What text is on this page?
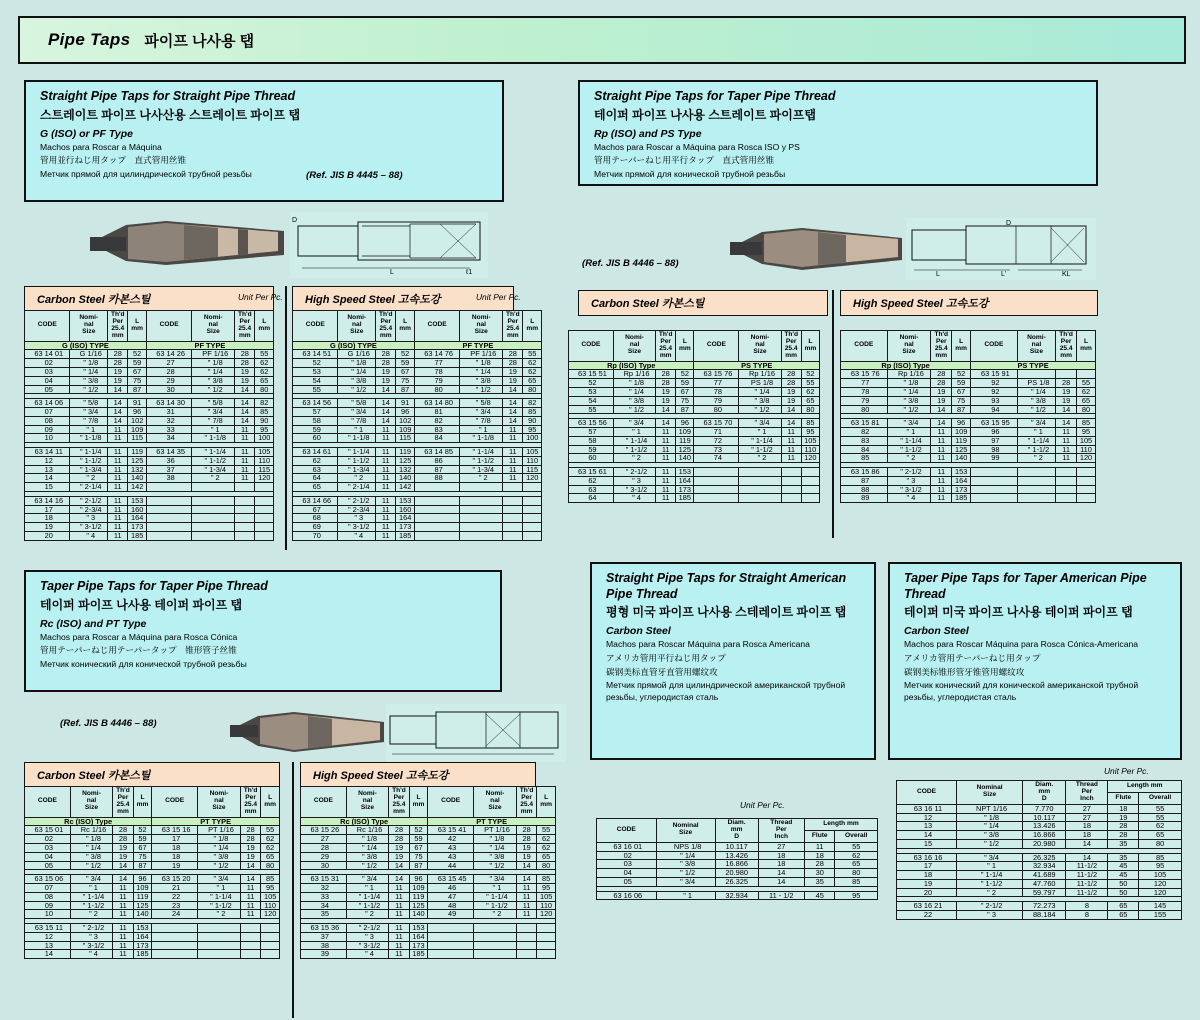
Pipe Taps 파이프 나사용 탭
Straight Pipe Taps for Straight Pipe Thread
스트레이트 파이프 나사산용 스트레이트 파이프 탭
G (ISO) or PF Type
Machos para Roscar a Máquina
管用並行ねじ用タップ　直式管用丝锥
Метчик прямой для цилиндрической трубной резьбы	(Ref. JIS B 4445 – 88)
Straight Pipe Taps for Taper Pipe Thread
테이퍼 파이프 나사용 스트레이트 파이프탭
Rp (ISO) and PS Type
Machos para Roscar a Máquina para Rosca ISO y PS
管用テーパーねじ用平行タップ　直式管用丝锥
Метчик прямой для конической трубной резьбы
(Ref. JIS B 4446 – 88)
D
L	ℓ1
D
L	L'	KL
Carbon Steel 카본스틸	Unit Per Pc.	High Speed Steel 고속도강	Unit Per Pc.
Carbon Steel 카본스틸	High Speed Steel 고속도강
CODE	Nomi-
nal
Size	Th'd
Per
25.4
mm	L
mm	CODE	Nomi-
nal
Size	Th'd
Per
25.4
mm	L
mm
G (ISO) TYPE				PF TYPE			
63 14 01	G 1/16	28	52	63 14 26	PF 1/16	28	55
02	" 1/8	28	59	27	" 1/8	28	62
03	" 1/4	19	67	28	" 1/4	19	62
04	" 3/8	19	75	29	" 3/8	19	65
05	" 1/2	14	87	30	" 1/2	14	80

63 14 06	" 5/8	14	91	63 14 30	" 5/8	14	82
07	" 3/4	14	96	31	" 3/4	14	85
08	" 7/8	14	102	32	" 7/8	14	90
09	" 1	11	109	33	" 1	11	95
10	" 1-1/8	11	115	34	" 1-1/8	11	100

63 14 11	" 1-1/4	11	119	63 14 35	" 1-1/4	11	105
12	" 1-1/2	11	125	36	" 1-1/2	11	110
13	" 1-3/4	11	132	37	" 1-3/4	11	115
14	" 2	11	140	38	" 2	11	120
15	" 2-1/4	11	142				

63 14 16	" 2-1/2	11	153				
17	" 2-3/4	11	160				
18	" 3	11	164				
19	" 3-1/2	11	173				
20	" 4	11	185				
CODE	Nomi-
nal
Size	Th'd
Per
25.4
mm	L
mm	CODE	Nomi-
nal
Size	Th'd
Per
25.4
mm	L
mm
G (ISO) TYPE				PF TYPE			
63 14 51	G 1/16	28	52	63 14 76	PF 1/16	28	55
52	" 1/8	28	59	77	" 1/8	28	62
53	" 1/4	19	67	78	" 1/4	19	62
54	" 3/8	19	75	79	" 3/8	19	65
55	" 1/2	14	87	80	" 1/2	14	80

63 14 56	" 5/8	14	91	63 14 80	" 5/8	14	82
57	" 3/4	14	96	81	" 3/4	14	85
58	" 7/8	14	102	82	" 7/8	14	90
59	" 1	11	109	83	" 1	11	95
60	" 1-1/8	11	115	84	" 1-1/8	11	100

63 14 61	" 1-1/4	11	119	63 14 85	" 1-1/4	11	105
62	" 1-1/2	11	125	86	" 1-1/2	11	110
63	" 1-3/4	11	132	87	" 1-3/4	11	115
64	" 2	11	140	88	" 2	11	120
65	" 2-1/4	11	142				

63 14 66	" 2-1/2	11	153				
67	" 2-3/4	11	160				
68	" 3	11	164				
69	" 3-1/2	11	173				
70	" 4	11	185				
CODE	Nomi-
nal
Size	Th'd
Per
25.4
mm	L
mm	CODE	Nomi-
nal
Size	Th'd
Per
25.4
mm	L
mm
Rp (ISO) Type				PS TYPE			
63 15 51	Rp 1/16	28	52	63 15 76	Rp 1/16	28	52
52	" 1/8	28	59	77	PS 1/8	28	55
53	" 1/4	19	67	78	" 1/4	19	62
54	" 3/8	19	75	79	" 3/8	19	65
55	" 1/2	14	87	80	" 1/2	14	80

63 15 56	" 3/4	14	96	63 15 70	" 3/4	14	85
57	" 1	11	109	71	" 1	11	95
58	" 1-1/4	11	119	72	" 1-1/4	11	105
59	" 1-1/2	11	125	73	" 1-1/2	11	110
60	" 2	11	140	74	" 2	11	120

63 15 61	" 2-1/2	11	153				
62	" 3	11	164				
63	" 3-1/2	11	173				
64	" 4	11	185				
CODE	Nomi-
nal
Size	Th'd
Per
25.4
mm	L
mm	CODE	Nomi-
nal
Size	Th'd
Per
25.4
mm	L
mm
Rp (ISO) Type				PS TYPE			
63 15 76	Rp 1/16	28	52	63 15 91			
77	" 1/8	28	59	92	PS 1/8	28	55
78	" 1/4	19	67	92	" 1/4	19	62
79	" 3/8	19	75	93	" 3/8	19	65
80	" 1/2	14	87	94	" 1/2	14	80

63 15 81	" 3/4	14	96	63 15 95	" 3/4	14	85
82	" 1	11	109	96	" 1	11	95
83	" 1-1/4	11	119	97	" 1-1/4	11	105
84	" 1-1/2	11	125	98	" 1-1/2	11	110
85	" 2	11	140	99	" 2	11	120

63 15 86	" 2-1/2	11	153				
87	" 3	11	164				
88	" 3-1/2	11	173				
89	" 4	11	185				
Taper Pipe Taps for Taper Pipe Thread
테이퍼 파이프 나사용 테이퍼 파이프 탭
Rc (ISO) and PT Type
Machos para Roscar a Máquina para Rosca Cónica
管用テーパーねじ用テーパータップ　锥形管子丝锥
Метчик конический для конической трубной резьбы
(Ref. JIS B 4446 – 88)
Straight Pipe Taps for Straight American Pipe Thread
평형 미국 파이프 나사용 스테레이트 파이프 탭
Carbon Steel
Machos para Roscar Máquina para Rosca Americana
アメリカ管用平行ねじ用タップ
碳钢美标直管牙直管用螺纹攻
Метчик прямой для цилиндрической американской трубной резьбы, углеродистая сталь
Taper Pipe Taps for Taper American Pipe Thread
테이퍼 미국 파이프 나사용 테이퍼 파이프 탭
Carbon Steel
Machos para Roscar Máquina para Rosca Cónica-Americana
アメリカ管用テーパーねじ用タップ
碳钢美标锥形管牙锥管用螺纹攻
Метчик конический для конической американской трубной резьбы, углеродистая сталь
Carbon Steel 카본스틸	High Speed Steel 고속도강
Unit Per Pc.
Unit Per Pc.
CODE	Nomi-
nal
Size	Th'd
Per
25.4
mm	L
mm	CODE	Nomi-
nal
Size	Th'd
Per
25.4
mm	L
mm
Rc (ISO) Type				PT TYPE			
63 15 01	Rc 1/16	28	52	63 15 16	PT 1/16	28	55
02	" 1/8	28	59	17	" 1/8	28	62
03	" 1/4	19	67	18	" 1/4	19	62
04	" 3/8	19	75	18	" 3/8	19	65
05	" 1/2	14	87	19	" 1/2	14	80

63 15 06	" 3/4	14	96	63 15 20	" 3/4	14	85
07	" 1	11	109	21	" 1	11	95
08	" 1-1/4	11	119	22	" 1-1/4	11	105
09	" 1-1/2	11	125	23	" 1-1/2	11	110
10	" 2	11	140	24	" 2	11	120

63 15 11	" 2-1/2	11	153				
12	" 3	11	164				
13	" 3-1/2	11	173				
14	" 4	11	185				
CODE	Nomi-
nal
Size	Th'd
Per
25.4
mm	L
mm	CODE	Nomi-
nal
Size	Th'd
Per
25.4
mm	L
mm
Rc (ISO) Type				PT TYPE			
63 15 26	Rc 1/16	28	52	63 15 41	PT 1/16	28	55
27	" 1/8	28	59	42	" 1/8	28	62
28	" 1/4	19	67	43	" 1/4	19	62
29	" 3/8	19	75	43	" 3/8	19	65
30	" 1/2	14	87	44	" 1/2	14	80

63 15 31	" 3/4	14	96	63 15 45	" 3/4	14	85
32	" 1	11	109	46	" 1	11	95
33	" 1-1/4	11	119	47	" 1-1/4	11	105
34	" 1-1/2	11	125	48	" 1-1/2	11	110
35	" 2	11	140	49	" 2	11	120

63 15 36	" 2-1/2	11	153				
37	" 3	11	164				
38	" 3-1/2	11	173				
39	" 4	11	185				
CODE	Nominal
Size	Diam.
mm
D	Thread
Per
Inch	Length mm	
				Flute	Overall
63 16 01	NPS 1/8	10.117	27	11	55
02	" 1/4	13.426	18	18	62
03	" 3/8	16.866	18	28	65
04	" 1/2	20.980	14	30	80
05	" 3/4	26.325	14	35	85

63 16 06	" 1	32.934	11 - 1/2	45	95
CODE	Nominal
Size	Diam.
mm
D	Thread
Per
Inch	Length mm	
				Flute	Overall
63 16 11	NPT 1/16	7.770	27	18	55
12	" 1/8	10.117	27	19	55
13	" 1/4	13.426	18	28	62
14	" 3/8	16.866	18	28	65
15	" 1/2	20.980	14	35	80

63 16 16	" 3/4	26.325	14	35	85
17	" 1	32.934	11-1/2	45	95
18	" 1-1/4	41.689	11-1/2	45	105
19	" 1-1/2	47.760	11-1/2	50	120
20	" 2	59.797	11-1/2	50	120

63 16 21	" 2-1/2	72.273	8	65	145
22	" 3	88.184	8	65	155
